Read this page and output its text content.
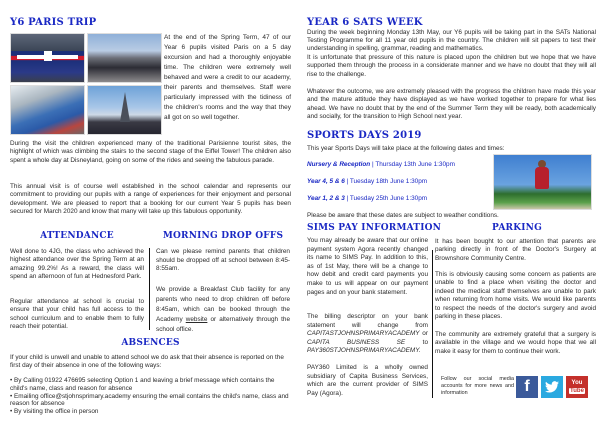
Y6 PARIS TRIP
At the end of the Spring Term, 47 of our Year 6 pupils visited Paris on a 5 day excursion and had a thoroughly enjoyable time. The children were extremely well behaved and were a credit to our academy, their parents and themselves. Staff were particularly impressed with the tidiness of the children's rooms and the way that they all got on so well together.
During the visit the children experienced many of the traditional Parisienne tourist sites, the highlight of which was climbing the stairs to the second stage of the Eiffel Tower! The children also spent a whole day at Disneyland, going on some of the rides and seeing the fabulous parade.
This annual visit is of course well established in the school calendar and represents our commitment to providing our pupils with a range of experiences for their enjoyment and personal development. We are pleased to report that a booking for our current Year 5 pupils has been secured for March 2020 and know that many will take up this fabulous opportunity.
ATTENDANCE
Well done to 4JG, the class who achieved the highest attendance over the Spring Term at an amazing 99.2%! As a reward, the class will spend an afternoon of fun at Hednesford Park.
Regular attendance at school is crucial to ensure that your child has full access to the school curriculum and to enable them to fully reach their potential.
MORNING DROP OFFS
Can we please remind parents that children should be dropped off at school between 8:45-8:55am.
We provide a Breakfast Club facility for any parents who need to drop children off before 8:45am, which can be booked through the Academy website or alternatively through the school office.
ABSENCES
If your child is unwell and unable to attend school we do ask that their absence is reported on the first day of their absence in one of the following ways:
• By Calling 01922 476695 selecting Option 1 and leaving a brief message which contains the child's name, class and reason for absence
• Emailing office@stjohnsprimary.academy ensuring the email contains the child's name, class and reason for absence
• By visiting the office in person
YEAR 6 SATS WEEK
During the week beginning Monday 13th May, our Y6 pupils will be taking part in the SATs National Testing Programme for all 11 year old pupils in the country. The children will sit papers to test their understanding in spelling, grammar, reading and mathematics.
It is unfortunate that pressure of this nature is placed upon the children but we hope that we have supported them through the process in a considerate manner and we have no doubt that they will all rise to the challenge.
Whatever the outcome, we are extremely pleased with the progress the children have made this year and the mature attitude they have displayed as we have worked together to prepare for what lies ahead. We have no doubt that by the end of the Summer Term they will be ready, both academically and socially, for the transition to High School next year.
SPORTS DAYS 2019
This year Sports Days will take place at the following dates and times:
Nursery & Reception | Thursday 13th June 1:30pm
Year 4, 5 & 6 | Tuesday 18th June 1:30pm
Year 1, 2 & 3 | Tuesday 25th June 1:30pm
Please be aware that these dates are subject to weather conditions.
SIMS PAY INFORMATION
You may already be aware that our online payment system Agora recently changed its name to SIMS Pay. In addition to this, as of 1st May, there will be a change to how debit and credit card payments you make to us will appear on our payment pages and on your bank statement.
The billing descriptor on your bank statement will change from CAPITASTJOHNSPRIMARYACADEMY or CAPITA BUSINESS SE to PAY360STJOHNSPRIMARYACADEMY.
PAY360 Limited is a wholly owned subsidiary of Capita Business Services, which are the current provider of SIMS Pay (Agora).
PARKING
It has been bought to our attention that parents are parking directly in front of the Doctor's Surgery at Brownshore Community Centre.
This is obviously causing some concern as patients are unable to find a place when visiting the doctor and indeed the medical staff themselves are unable to park when returning from home visits. We would like parents to respect the needs of the doctor's surgery and avoid parking in these places.
The community are extremely grateful that a surgery is available in the village and we would hope that we all make it easy for them to continue their work.
Follow our social media accounts for more news and information	f	You
Tube
